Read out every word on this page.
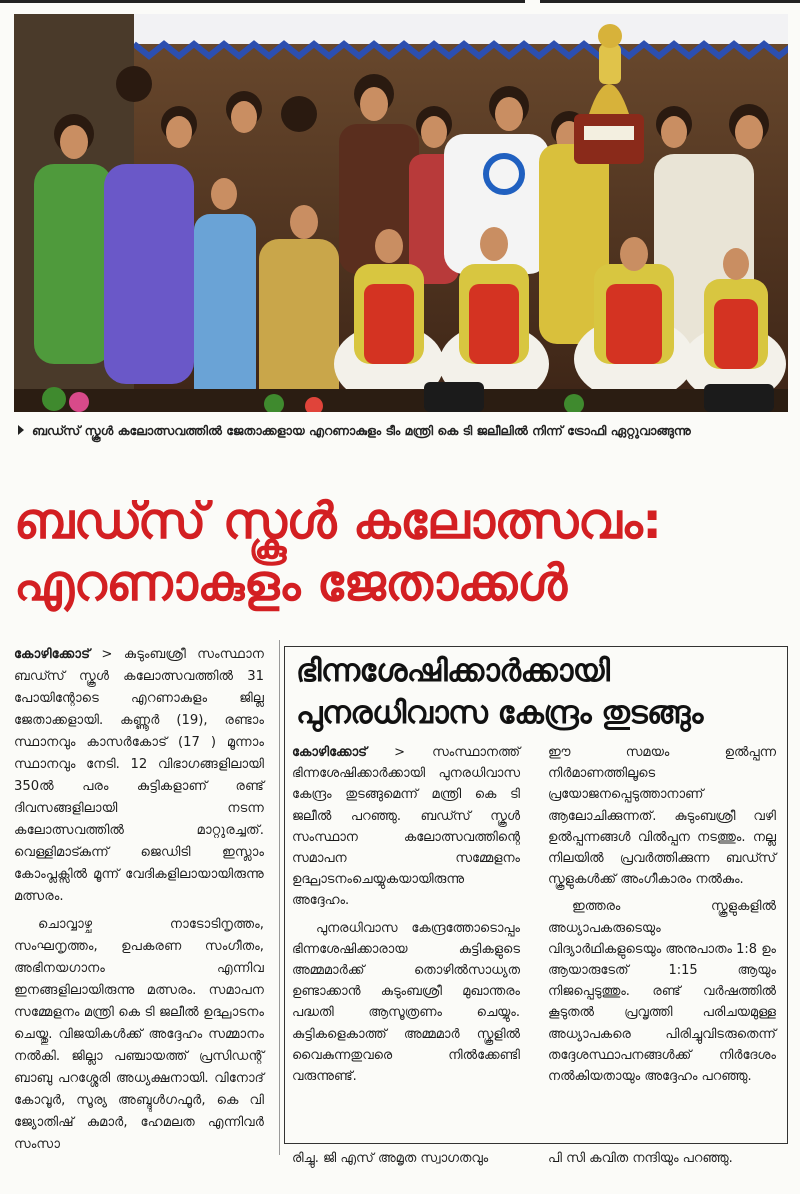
ബഡ്സ് സ്കൂൾ കലോത്സവത്തിൽ ജേതാക്കളായ എറണാകുളം ടീം മന്ത്രി കെ ടി ജലീലിൽ നിന്ന് ട്രോഫി ഏറ്റുവാങ്ങുന്നു
ബഡ്സ് സ്കൂൾ കലോത്സവം:
എറണാകുളം ജേതാക്കൾ

കോഴിക്കോട് > കുടുംബശ്രീ സംസ്ഥാന ബഡ്സ് സ്കൂൾ കലോത്സവത്തിൽ 31 പോയിന്റോടെ എറണാകുളം ജില്ല ജേതാക്കളായി. കണ്ണൂർ (19), രണ്ടാം സ്ഥാനവും കാസർകോട് (17 ) മൂന്നാം സ്ഥാനവും നേടി. 12 വിഭാഗങ്ങളിലായി 350ൽ പരം കുട്ടികളാണ് രണ്ട് ദിവസങ്ങളിലായി നടന്ന കലോത്സവത്തിൽ മാറ്റുരച്ചത്. വെള്ളിമാട്കുന്ന് ജെഡിടി ഇസ്ലാം കോംപ്ലക്സിൽ മൂന്ന് വേദികളിലായായിരുന്നു മത്സരം.

ചൊവ്വാഴ്ച നാടോടിനൃത്തം, സംഘനൃത്തം, ഉപകരണ സംഗീതം, അഭിനയഗാനം എന്നിവ ഇനങ്ങളിലായിരുന്നു മത്സരം. സമാപന സമ്മേളനം മന്ത്രി കെ ടി ജലീൽ ഉദ്ഘാടനം ചെയ്തു. വിജയികൾക്ക് അദ്ദേഹം സമ്മാനം നൽകി. ജില്ലാ പഞ്ചായത്ത് പ്രസിഡന്റ് ബാബു പറശ്ശേരി അധ്യക്ഷനായി. വിനോദ് കോവൂർ, സൂര്യ അബ്ദുൾഗഫൂർ, കെ വി ജ്യോതിഷ് കുമാർ, ഹേമലത എന്നിവർ സംസാ

ഭിന്നശേഷിക്കാർക്കായി
പുനരധിവാസ കേന്ദ്രം തുടങ്ങും

കോഴിക്കോട് > സംസ്ഥാനത്ത് ഭിന്നശേഷിക്കാർക്കായി പുനരധിവാസ കേന്ദ്രം തുടങ്ങുമെന്ന് മന്ത്രി കെ ടി ജലീൽ പറഞ്ഞു. ബഡ്സ് സ്കൂൾ സംസ്ഥാന കലോത്സവത്തിന്റെ സമാപന സമ്മേളനം ഉദ്ഘാടനംചെയ്യുകയായിരുന്നു അദ്ദേഹം.

പുനരധിവാസ കേന്ദ്രത്തോടൊപ്പം ഭിന്നശേഷിക്കാരായ കുട്ടികളുടെ അമ്മമാർക്ക് തൊഴിൽസാധ്യത ഉണ്ടാക്കാൻ കുടുംബശ്രീ മുഖാന്തരം പദ്ധതി ആസൂത്രണം ചെയ്യും. കുട്ടികളെകാത്ത് അമ്മമാർ സ്കൂളിൽ വൈകുന്നതുവരെ നിൽക്കേണ്ടി വരുന്നുണ്ട്.

ഈ സമയം ഉൽപ്പന്ന നിർമാണത്തിലൂടെ പ്രയോജനപ്പെടുത്താനാണ് ആലോചിക്കുന്നത്. കുടുംബശ്രീ വഴി ഉൽപ്പന്നങ്ങൾ വിൽപ്പന നടത്തും. നല്ല നിലയിൽ പ്രവർത്തിക്കുന്ന ബഡ്സ് സ്കൂളുകൾക്ക് അംഗീകാരം നൽകും.

ഇത്തരം സ്കൂളുകളിൽ അധ്യാപകരുടെയും വിദ്യാർഥികളുടെയും അനുപാതം 1:8 ഉം ആയാരുടേത് 1:15 ആയും നിജപ്പെടുത്തും. രണ്ട് വർഷത്തിൽ കൂടുതൽ പ്രവൃത്തി പരിചയമുള്ള അധ്യാപകരെ പിരിച്ചുവിടരുതെന്ന് തദ്ദേശസ്ഥാപനങ്ങൾക്ക് നിർദേശം നൽകിയതായും അദ്ദേഹം പറഞ്ഞു.

രിച്ചു. ജി എസ് അമൃത സ്വാഗതവും	പി സി കവിത നന്ദിയും പറഞ്ഞു.
